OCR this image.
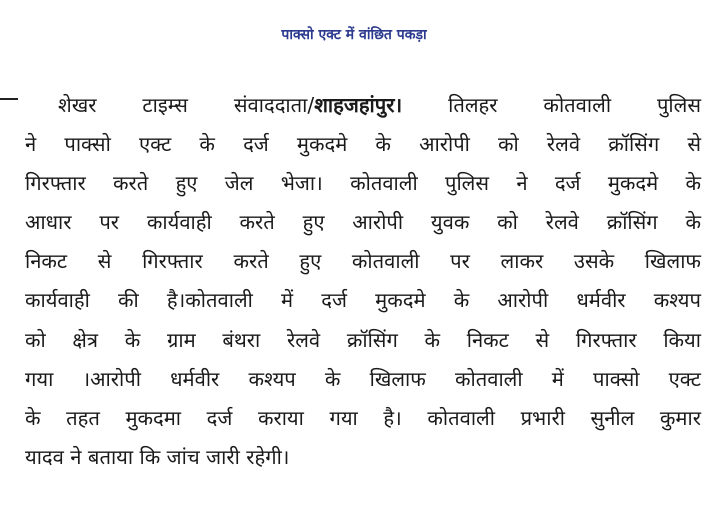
पाक्सो एक्ट में वांछित पकड़ा
शेखर टाइम्स संवाददाता/शाहजहांपुर। तिलहर कोतवाली पुलिस
ने पाक्सो एक्ट के दर्ज मुकदमे के आरोपी को रेलवे क्रॉसिंग से
गिरफ्तार करते हुए जेल भेजा। कोतवाली पुलिस ने दर्ज मुकदमे के
आधार पर कार्यवाही करते हुए आरोपी युवक को रेलवे क्रॉसिंग के
निकट से गिरफ्तार करते हुए कोतवाली पर लाकर उसके खिलाफ
कार्यवाही की है।कोतवाली में दर्ज मुकदमे के आरोपी धर्मवीर कश्यप
को क्षेत्र के ग्राम बंथरा रेलवे क्रॉसिंग के निकट से गिरफ्तार किया
गया ।आरोपी धर्मवीर कश्यप के खिलाफ कोतवाली में पाक्सो एक्ट
के तहत मुकदमा दर्ज कराया गया है। कोतवाली प्रभारी सुनील कुमार
यादव ने बताया कि जांच जारी रहेगी।
